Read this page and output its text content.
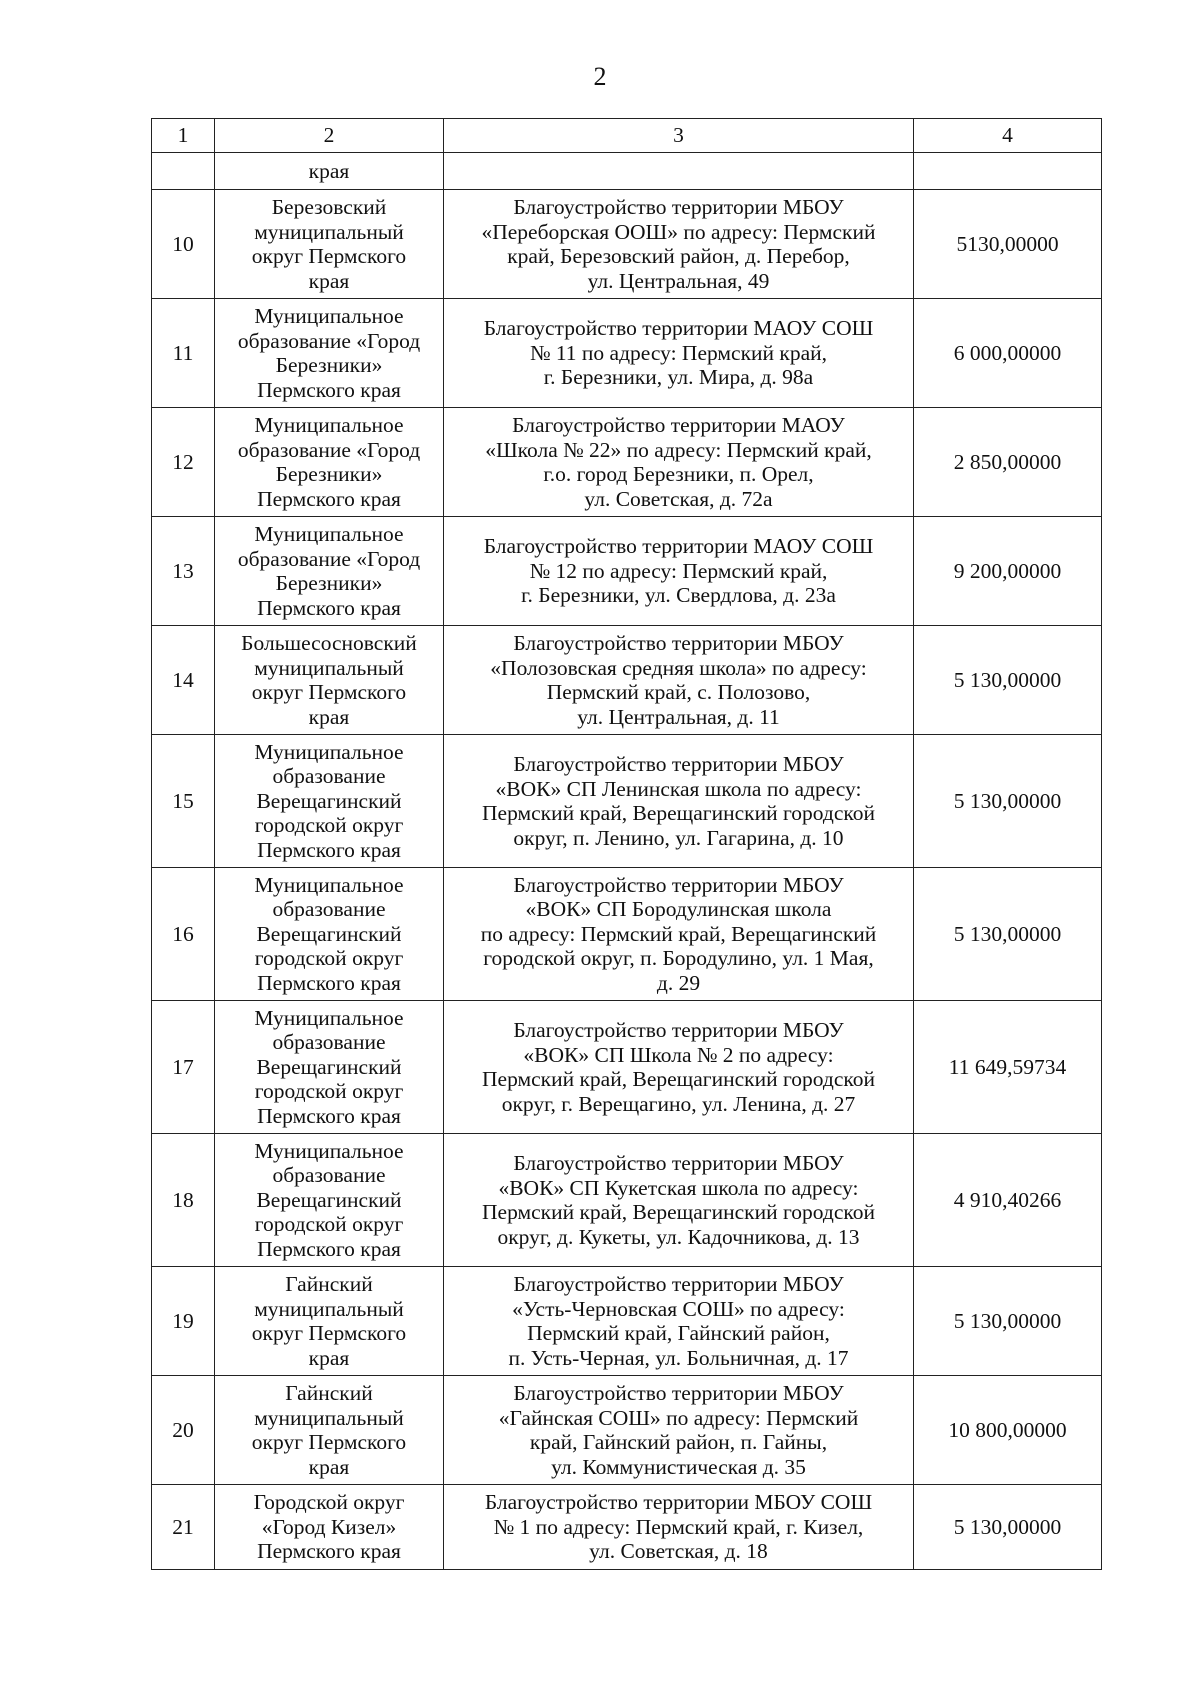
2
1	2	3	4

	края		

10	Березовский
муниципальный
округ Пермского
края	Благоустройство территории МБОУ
«Переборская ООШ» по адресу: Пермский
край, Березовский район, д. Перебор,
ул. Центральная, 49	5130,00000
11	Муниципальное
образование «Город
Березники»
Пермского края	Благоустройство территории МАОУ СОШ
№ 11 по адресу: Пермский край,
г. Березники, ул. Мира, д. 98а	6 000,00000
12	Муниципальное
образование «Город
Березники»
Пермского края	Благоустройство территории МАОУ
«Школа № 22» по адресу: Пермский край,
г.о. город Березники, п. Орел,
ул. Советская, д. 72а	2 850,00000
13	Муниципальное
образование «Город
Березники»
Пермского края	Благоустройство территории МАОУ СОШ
№ 12 по адресу: Пермский край,
г. Березники, ул. Свердлова, д. 23а	9 200,00000
14	Большесосновский
муниципальный
округ Пермского
края	Благоустройство территории МБОУ
«Полозовская средняя школа» по адресу:
Пермский край, с. Полозово,
ул. Центральная, д. 11	5 130,00000
15	Муниципальное
образование
Верещагинский
городской округ
Пермского края	Благоустройство территории МБОУ
«ВОК» СП Ленинская школа по адресу:
Пермский край, Верещагинский городской
округ, п. Ленино, ул. Гагарина, д. 10	5 130,00000
16	Муниципальное
образование
Верещагинский
городской округ
Пермского края	Благоустройство территории МБОУ
«ВОК» СП Бородулинская школа
по адресу: Пермский край, Верещагинский
городской округ, п. Бородулино, ул. 1 Мая,
д. 29	5 130,00000
17	Муниципальное
образование
Верещагинский
городской округ
Пермского края	Благоустройство территории МБОУ
«ВОК» СП Школа № 2 по адресу:
Пермский край, Верещагинский городской
округ, г. Верещагино, ул. Ленина, д. 27	11 649,59734
18	Муниципальное
образование
Верещагинский
городской округ
Пермского края	Благоустройство территории МБОУ
«ВОК» СП Кукетская школа по адресу:
Пермский край, Верещагинский городской
округ, д. Кукеты, ул. Кадочникова, д. 13	4 910,40266
19	Гайнский
муниципальный
округ Пермского
края	Благоустройство территории МБОУ
«Усть-Черновская СОШ» по адресу:
Пермский край, Гайнский район,
п. Усть-Черная, ул. Больничная, д. 17	5 130,00000
20	Гайнский
муниципальный
округ Пермского
края	Благоустройство территории МБОУ
«Гайнская СОШ» по адресу: Пермский
край, Гайнский район, п. Гайны,
ул. Коммунистическая д. 35	10 800,00000
21	Городской округ
«Город Кизел»
Пермского края	Благоустройство территории МБОУ СОШ
№ 1 по адресу: Пермский край, г. Кизел,
ул. Советская, д. 18	5 130,00000
